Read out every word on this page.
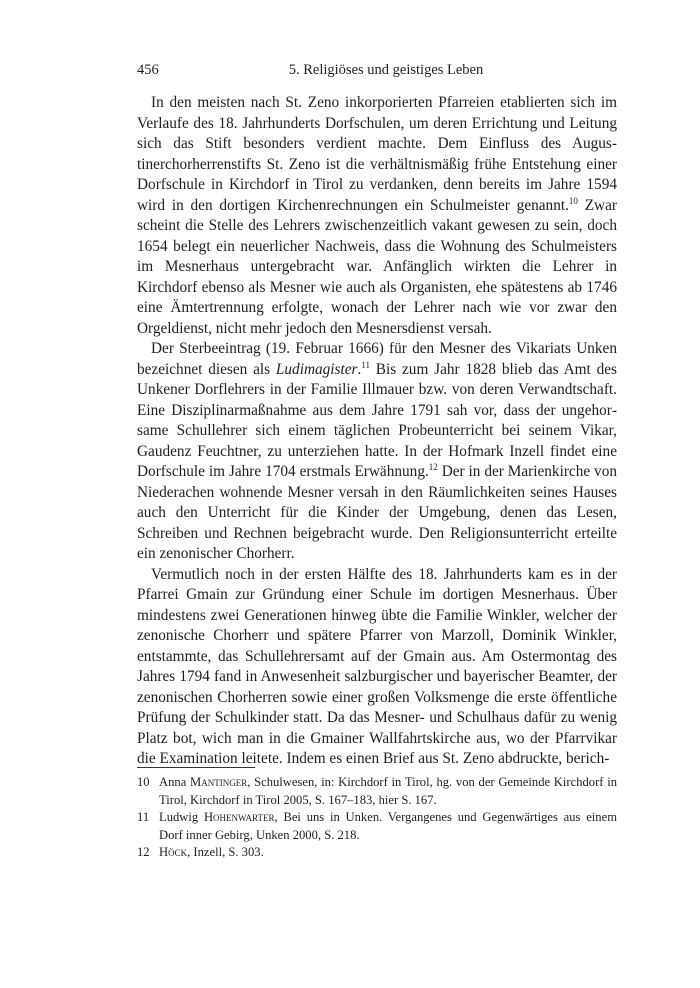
456	5. Religiöses und geistiges Leben

In den meisten nach St. Zeno inkorporierten Pfarreien etablierten sich im Verlaufe des 18. Jahrhunderts Dorfschulen, um deren Errichtung und Leitung sich das Stift besonders verdient machte. Dem Einfluss des Augustinerchorherrenstifts St. Zeno ist die verhältnismäßig frühe Entstehung einer Dorfschule in Kirchdorf in Tirol zu verdanken, denn bereits im Jahre 1594 wird in den dortigen Kirchenrechnungen ein Schulmeister genannt.$^{10}$ Zwar scheint die Stelle des Lehrers zwischenzeitlich vakant gewesen zu sein, doch 1654 belegt ein neuerlicher Nachweis, dass die Wohnung des Schulmeisters im Mesnerhaus untergebracht war. Anfänglich wirkten die Lehrer in Kirchdorf ebenso als Mesner wie auch als Organisten, ehe spätestens ab 1746 eine Ämtertrennung erfolgte, wonach der Lehrer nach wie vor zwar den Orgeldienst, nicht mehr jedoch den Mesnersdienst versah.

Der Sterbeeintrag (19. Februar 1666) für den Mesner des Vikariats Unken bezeichnet diesen als Ludimagister.$^{11}$ Bis zum Jahr 1828 blieb das Amt des Unkener Dorflehrers in der Familie Illmauer bzw. von deren Verwandtschaft. Eine Disziplinarmaßnahme aus dem Jahre 1791 sah vor, dass der ungehorsame Schullehrer sich einem täglichen Probeunterricht bei seinem Vikar, Gaudenz Feuchtner, zu unterziehen hatte. In der Hofmark Inzell findet eine Dorfschule im Jahre 1704 erstmals Erwähnung.$^{12}$ Der in der Marienkirche von Niederachen wohnende Mesner versah in den Räumlichkeiten seines Hauses auch den Unterricht für die Kinder der Umgebung, denen das Lesen, Schreiben und Rechnen beigebracht wurde. Den Religionsunterricht erteilte ein zenonischer Chorherr.

Vermutlich noch in der ersten Hälfte des 18. Jahrhunderts kam es in der Pfarrei Gmain zur Gründung einer Schule im dortigen Mesnerhaus. Über mindestens zwei Generationen hinweg übte die Familie Winkler, welcher der zenonische Chorherr und spätere Pfarrer von Marzoll, Dominik Winkler, entstammte, das Schullehrersamt auf der Gmain aus. Am Ostermontag des Jahres 1794 fand in Anwesenheit salzburgischer und bayerischer Beamter, der zenonischen Chorherren sowie einer großen Volksmenge die erste öffentliche Prüfung der Schulkinder statt. Da das Mesner- und Schulhaus dafür zu wenig Platz bot, wich man in die Gmainer Wallfahrtskirche aus, wo der Pfarrvikar die Examination leitete. Indem es einen Brief aus St. Zeno abdruckte, berich-

10 Anna Mantinger, Schulwesen, in: Kirchdorf in Tirol, hg. von der Gemeinde Kirchdorf in Tirol, Kirchdorf in Tirol 2005, S. 167–183, hier S. 167.

11 Ludwig Hohenwarter, Bei uns in Unken. Vergangenes und Gegenwärtiges aus einem Dorf inner Gebirg, Unken 2000, S. 218.

12 Höck, Inzell, S. 303.
